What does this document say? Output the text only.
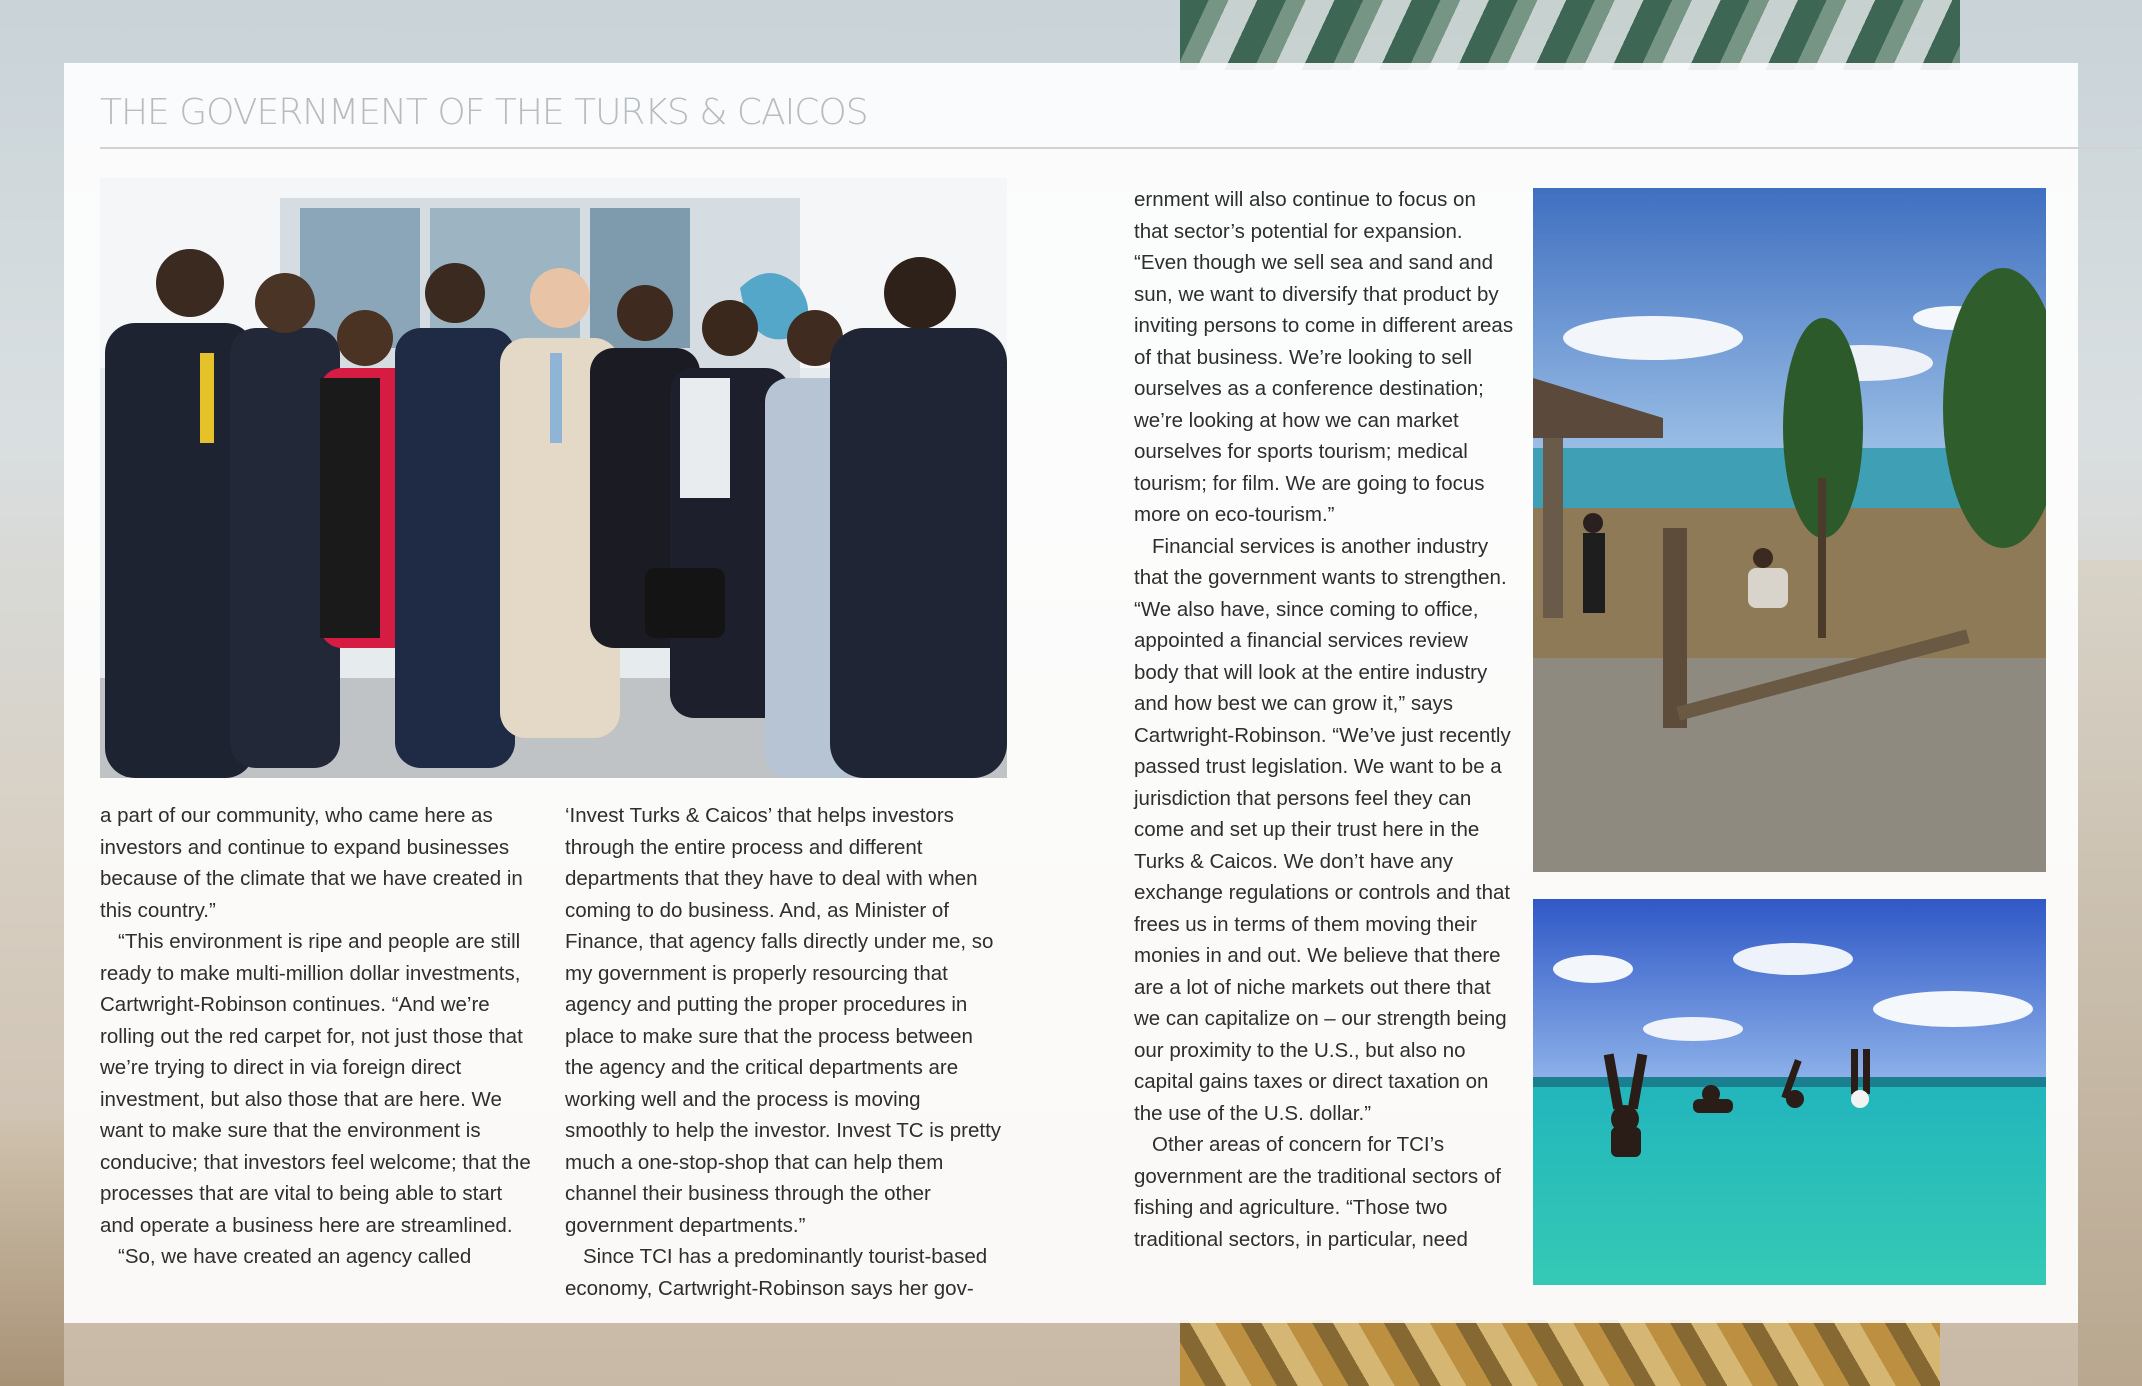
THE GOVERNMENT OF THE TURKS & CAICOS

a part of our community, who came here as investors and continue to expand businesses because of the climate that we have created in this country.”

“This environment is ripe and people are still ready to make multi-million dollar investments, Cartwright-Robinson continues. “And we’re rolling out the red carpet for, not just those that we’re trying to direct in via foreign direct investment, but also those that are here. We want to make sure that the environment is conducive; that investors feel welcome; that the processes that are vital to being able to start and operate a business here are streamlined.

“So, we have created an agency called

‘Invest Turks & Caicos’ that helps investors through the entire process and different departments that they have to deal with when coming to do business. And, as Minister of Finance, that agency falls directly under me, so my government is properly resourcing that agency and putting the proper procedures in place to make sure that the process between the agency and the critical departments are working well and the process is moving smoothly to help the investor. Invest TC is pretty much a one-stop-shop that can help them channel their business through the other government departments.”

Since TCI has a predominantly tourist-based economy, Cartwright-Robinson says her gov-

ernment will also continue to focus on that sector’s potential for expansion. “Even though we sell sea and sand and sun, we want to diversify that product by inviting persons to come in different areas of that business. We’re looking to sell ourselves as a conference destination; we’re looking at how we can market ourselves for sports tourism; medical tourism; for film. We are going to focus more on eco-tourism.”

Financial services is another industry that the government wants to strengthen. “We also have, since coming to office, appointed a financial services review body that will look at the entire industry and how best we can grow it,” says Cartwright-Robinson. “We’ve just recently passed trust legislation. We want to be a jurisdiction that persons feel they can come and set up their trust here in the Turks & Caicos. We don’t have any exchange regulations or controls and that frees us in terms of them moving their monies in and out. We believe that there are a lot of niche markets out there that we can capitalize on – our strength being our proximity to the U.S., but also no capital gains taxes or direct taxation on the use of the U.S. dollar.”

Other areas of concern for TCI’s government are the traditional sectors of fishing and agriculture. “Those two traditional sectors, in particular, need
